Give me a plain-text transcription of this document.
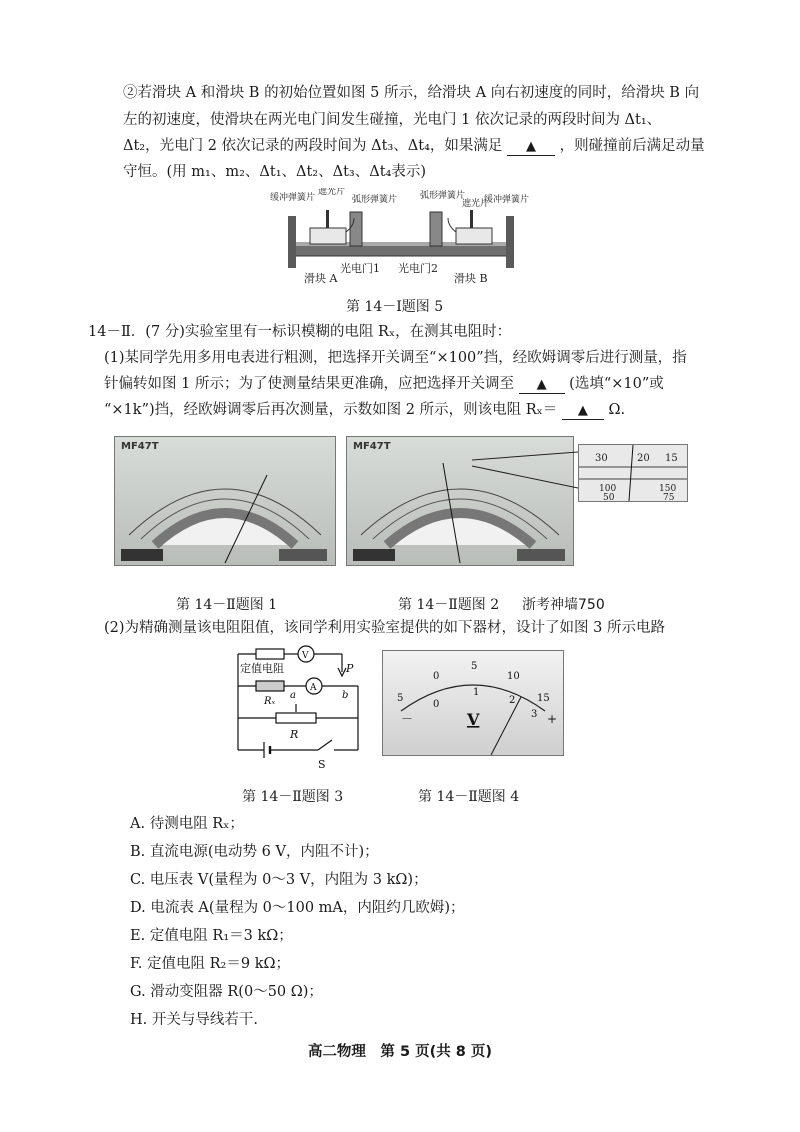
②若滑块 A 和滑块 B 的初始位置如图 5 所示，给滑块 A 向右初速度的同时，给滑块 B 向
左的初速度，使滑块在两光电门间发生碰撞，光电门 1 依次记录的两段时间为 Δt₁、
Δt₂，光电门 2 依次记录的两段时间为 Δt₃、Δt₄，如果满足 ▲ ，则碰撞前后满足动量
守恒。(用 m₁、m₂、Δt₁、Δt₂、Δt₃、Δt₄表示)
缓冲弹簧片
遮光片
弧形弹簧片	弧形弹簧片
遮光片
缓冲弹簧片
滑块 A
光电门1 光电门2
滑块 B
第 14－Ⅰ题图 5
14－Ⅱ．(7 分)实验室里有一标识模糊的电阻 Rₓ，在测其电阻时：
(1)某同学先用多用电表进行粗测，把选择开关调至“×100”挡，经欧姆调零后进行测量，指
针偏转如图 1 所示；为了使测量结果更准确，应把选择开关调至 ▲ (选填“×10”或
“×1k”)挡，经欧姆调零后再次测量，示数如图 2 所示，则该电阻 Rₓ＝ ▲ Ω.
MF47T	MF47T
30	20 15
100	150
50	75
第 14－Ⅱ题图 1	第 14－Ⅱ题图 2 浙考神墙750
(2)为精确测量该电阻阻值，该同学利用实验室提供的如下器材，设计了如图 3 所示电路
定值电阻
V
A
P
Rₓ
a	b
R
S
5
0
5
10
15
0
1
2
3
V
－	+
第 14－Ⅱ题图 3	第 14－Ⅱ题图 4
A. 待测电阻 Rₓ；
B. 直流电源(电动势 6 V，内阻不计)；
C. 电压表 V(量程为 0～3 V，内阻为 3 kΩ)；
D. 电流表 A(量程为 0～100 mA，内阻约几欧姆)；
E. 定值电阻 R₁＝3 kΩ；
F. 定值电阻 R₂＝9 kΩ；
G. 滑动变阻器 R(0～50 Ω)；
H. 开关与导线若干.
高二物理　第 5 页(共 8 页)
